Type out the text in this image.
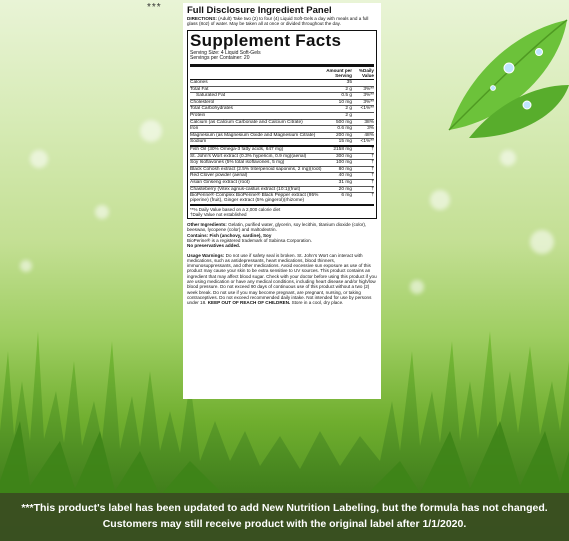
***	Full Disclosure Ingredient Panel
DIRECTIONS: (Adult) Take two (2) to four (4) Liquid Soft-Gels a day with meals and a full glass (8oz) of water. May be taken all at once or divided throughout the day.
Supplement Facts
Serving Size: 4 Liquid Soft-Gels
Servings per Container: 20
Amount per Serving
%Daily Value
Calories	35
Total Fat	2 g	3%**
Saturated Fat	0.5 g	3%**
Cholesterol	10 mg	3%**
Total Carbohydrates	2 g	<1%**
Protein	2 g
Calcium (as Calcium Carbonate and Calcium Citrate)	500 mg	38%
Iron	0.6 mg	3%
Magnesium (as Magnesium Oxide and Magnesium Citrate)	200 mg	48%
Sodium	15 mg	<1%**
Fish Oil (30% Omega-3 fatty acids, 647 mg)	2158 mg	†
St. John's Wort extract (0.3% hypericin, 0.9 mg)(aerial)	300 mg	†
Soy Isoflavones (5% total isoflavones, 5 mg)	100 mg	†
Black Cohosh extract (2.5% triterpenoid saponins, 2 mg)(root)	80 mg	†
Red Clover powder (aerial)	40 mg	†
Asian Ginseng extract (root)	31 mg	†
Chasteberry (Vitex agnus-castus extract (10:1)(fruit)	20 mg	†
BioPerine® Complex BioPerine® Black Pepper extract (95% piperine) (fruit), Ginger extract (5% gingerol)(rhizome)
6 mg	†
**% Daily Value based on a 2,000 calorie diet
†Daily Value not established
Other Ingredients: Gelatin, purified water, glycerin, soy lecithin, titanium dioxide (color), beeswax, lycopene (color) and maltodextrin.
Contains: Fish (anchovy, sardine), Soy
BioPerine® is a registered trademark of Sabinsa Corporation.
No preservatives added.
Usage Warnings: Do not use if safety seal is broken. St. John's Wort can interact with medications, such as antidepressants, heart medications, blood thinners, immunosuppressants, and other medications. Avoid excessive sun exposure as use of this product may cause your skin to be extra sensitive to UV sources. This product contains an ingredient that may affect blood sugar. Check with your doctor before using this product if you are using medication or have any medical conditions, including heart disease and/or high/low blood pressure. Do not exceed 90 days of continuous use of this product without a two (2) week break. Do not use if you may become pregnant, are pregnant, nursing, or taking contraceptives. Do not exceed recommended daily intake. Not intended for use by persons under 18. KEEP OUT OF REACH OF CHILDREN. Store in a cool, dry place.
***This product's label has been updated to add New Nutrition Labeling, but the formula has not changed.
Customers may still receive product with the original label after 1/1/2020.
